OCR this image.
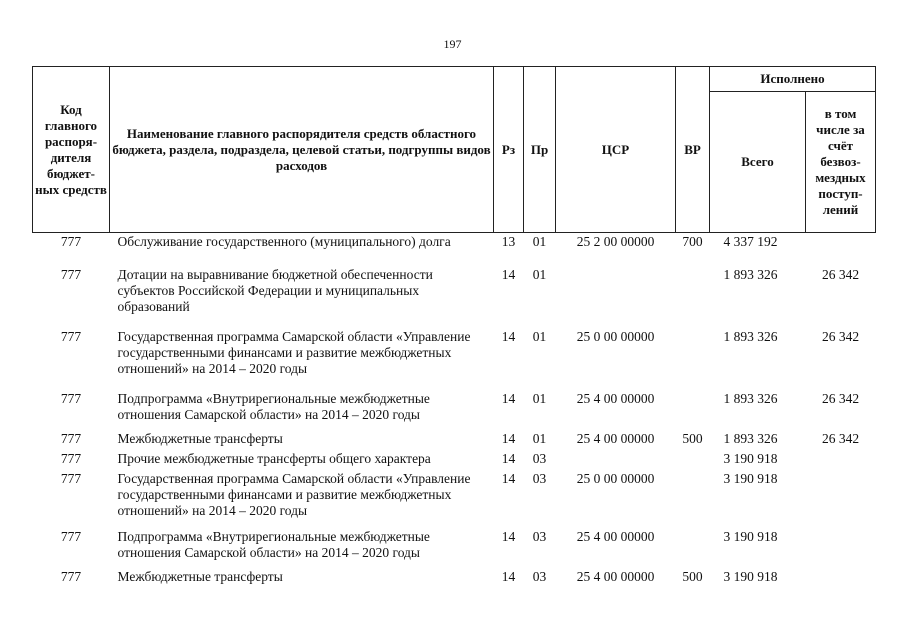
197
Код главного распоря-дителя бюджет-ных средств	Наименование главного распорядителя средств областного бюджета, раздела, подраздела, целевой статьи, подгруппы видов расходов	Рз	Пр	ЦСР	ВР	Исполнено	
						Всего	в том числе за счёт безвоз-мездных поступ-лений
777	Обслуживание государственного (муниципального) долга	13	01	25 2 00 00000	700	4 337 192	
777	Дотации на выравнивание бюджетной обеспеченности субъектов Российской Федерации и муниципальных образований	14	01			1 893 326	26 342
777	Государственная программа Самарской области «Управление государственными финансами и развитие межбюджетных отношений» на 2014 – 2020 годы	14	01	25 0 00 00000		1 893 326	26 342
777	Подпрограмма «Внутрирегиональные межбюджетные отношения Самарской области» на 2014 – 2020 годы	14	01	25 4 00 00000		1 893 326	26 342
777	Межбюджетные трансферты	14	01	25 4 00 00000	500	1 893 326	26 342
777	Прочие межбюджетные трансферты общего характера	14	03			3 190 918	
777	Государственная программа Самарской области «Управление государственными финансами и развитие межбюджетных отношений» на 2014 – 2020 годы	14	03	25 0 00 00000		3 190 918	
777	Подпрограмма «Внутрирегиональные межбюджетные отношения Самарской области» на 2014 – 2020 годы	14	03	25 4 00 00000		3 190 918	
777	Межбюджетные трансферты	14	03	25 4 00 00000	500	3 190 918	
